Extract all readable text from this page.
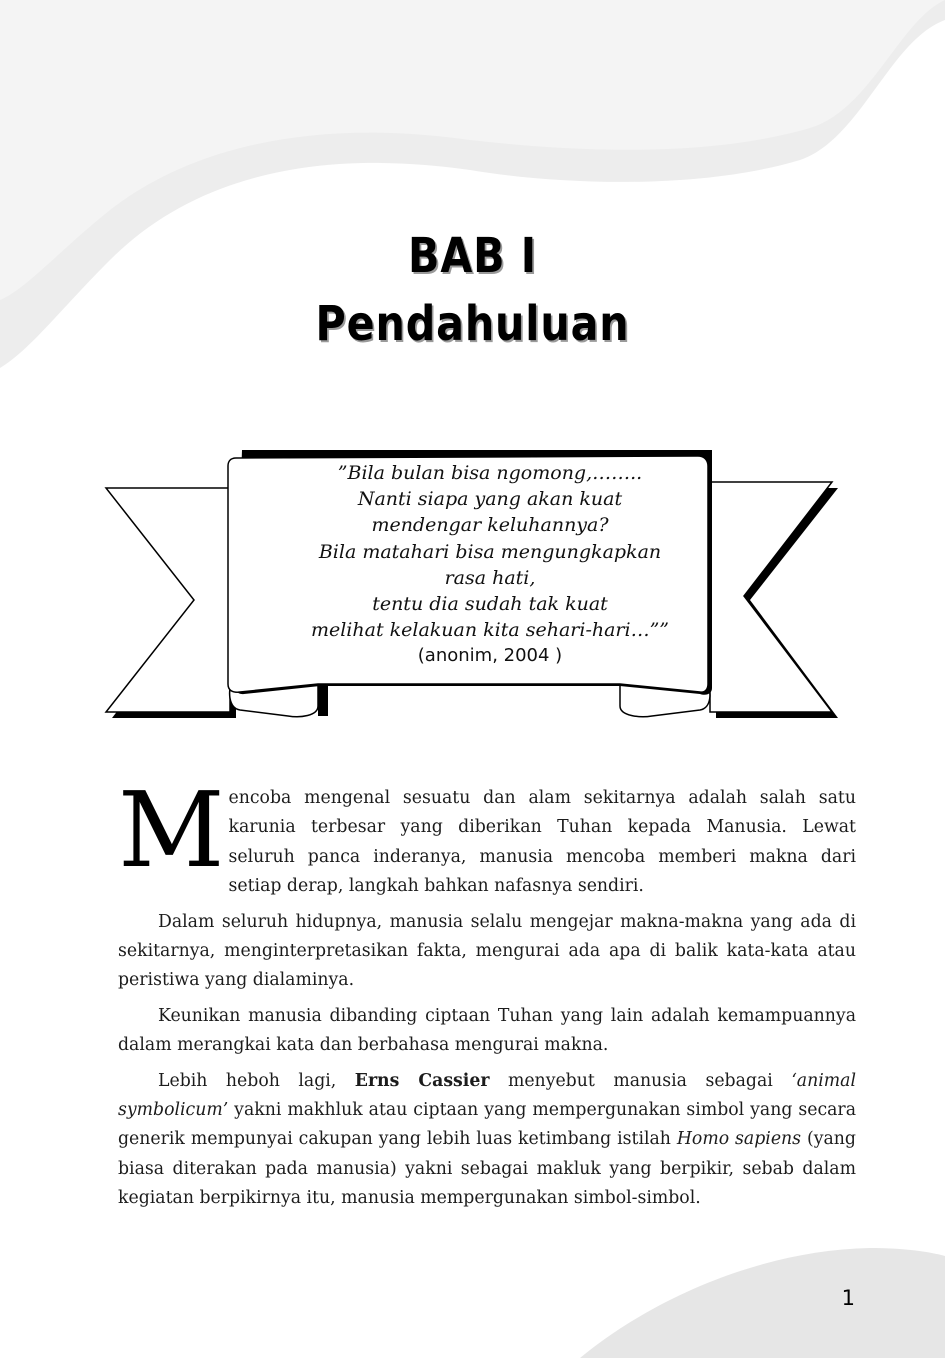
BAB I
Pendahuluan
”Bila bulan bisa ngomong,……..
Nanti siapa yang akan kuat
mendengar keluhannya?
Bila matahari bisa mengungkapkan
rasa hati,
tentu dia sudah tak kuat
melihat kelakuan kita sehari-hari…””
(anonim, 2004 )

Mencoba mengenal sesuatu dan alam sekitarnya adalah salah satu karunia terbesar yang diberikan Tuhan kepada Manusia. Lewat seluruh panca inderanya, manusia mencoba memberi makna dari setiap derap, langkah bahkan nafasnya sendiri.

Dalam seluruh hidupnya, manusia selalu mengejar makna-makna yang ada di sekitarnya, menginterpretasikan fakta, mengurai ada apa di balik kata-kata atau peristiwa yang dialaminya.

Keunikan manusia dibanding ciptaan Tuhan yang lain adalah kemampuannya dalam merangkai kata dan berbahasa mengurai makna.

Lebih heboh lagi, Erns Cassier menyebut manusia sebagai ‘animal symbolicum’ yakni makhluk atau ciptaan yang mempergunakan simbol yang secara generik mempunyai cakupan yang lebih luas ketimbang istilah Homo sapiens (yang biasa diterakan pada manusia) yakni sebagai makluk yang berpikir, sebab dalam kegiatan berpikirnya itu, manusia mempergunakan simbol-simbol.

1
